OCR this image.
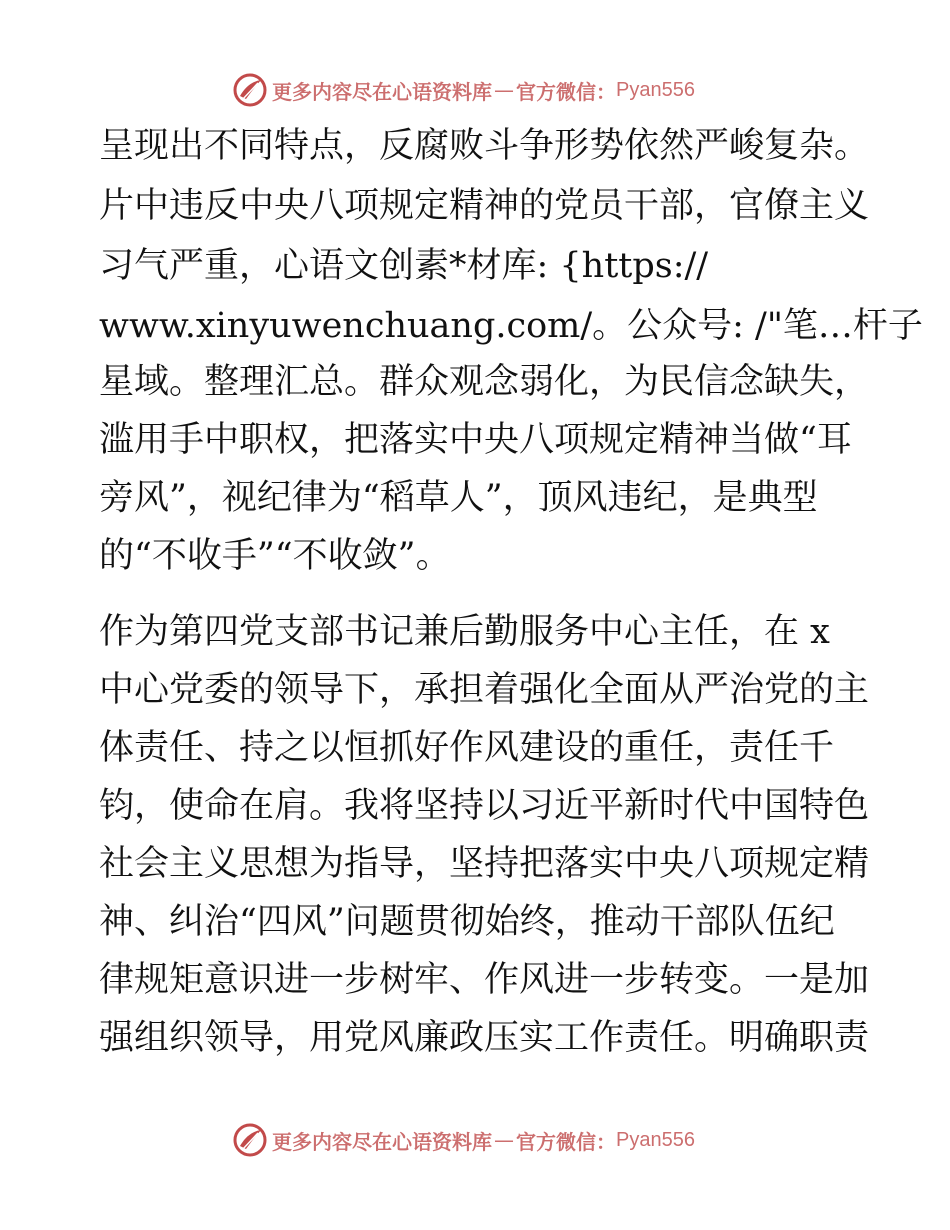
更多内容尽在心语资料库 — 官方微信： Pyan556
呈现出不同特点，反腐败斗争形势依然严峻复杂。
片中违反中央八项规定精神的党员干部，官僚主义
习气严重，心语文创素*材库: {https://
www.xinyuwenchuang.com/。公众号: /"笔…杆子
星域。整理汇总。群众观念弱化，为民信念缺失，
滥用手中职权，把落实中央八项规定精神当做“耳
旁风”，视纪律为“稻草人”，顶风违纪，是典型
的“不收手”“不收敛”。
作为第四党支部书记兼后勤服务中心主任，在 x
中心党委的领导下，承担着强化全面从严治党的主
体责任、持之以恒抓好作风建设的重任，责任千
钧，使命在肩。我将坚持以习近平新时代中国特色
社会主义思想为指导，坚持把落实中央八项规定精
神、纠治“四风”问题贯彻始终，推动干部队伍纪
律规矩意识进一步树牢、作风进一步转变。一是加
强组织领导，用党风廉政压实工作责任。明确职责
更多内容尽在心语资料库 — 官方微信： Pyan556
